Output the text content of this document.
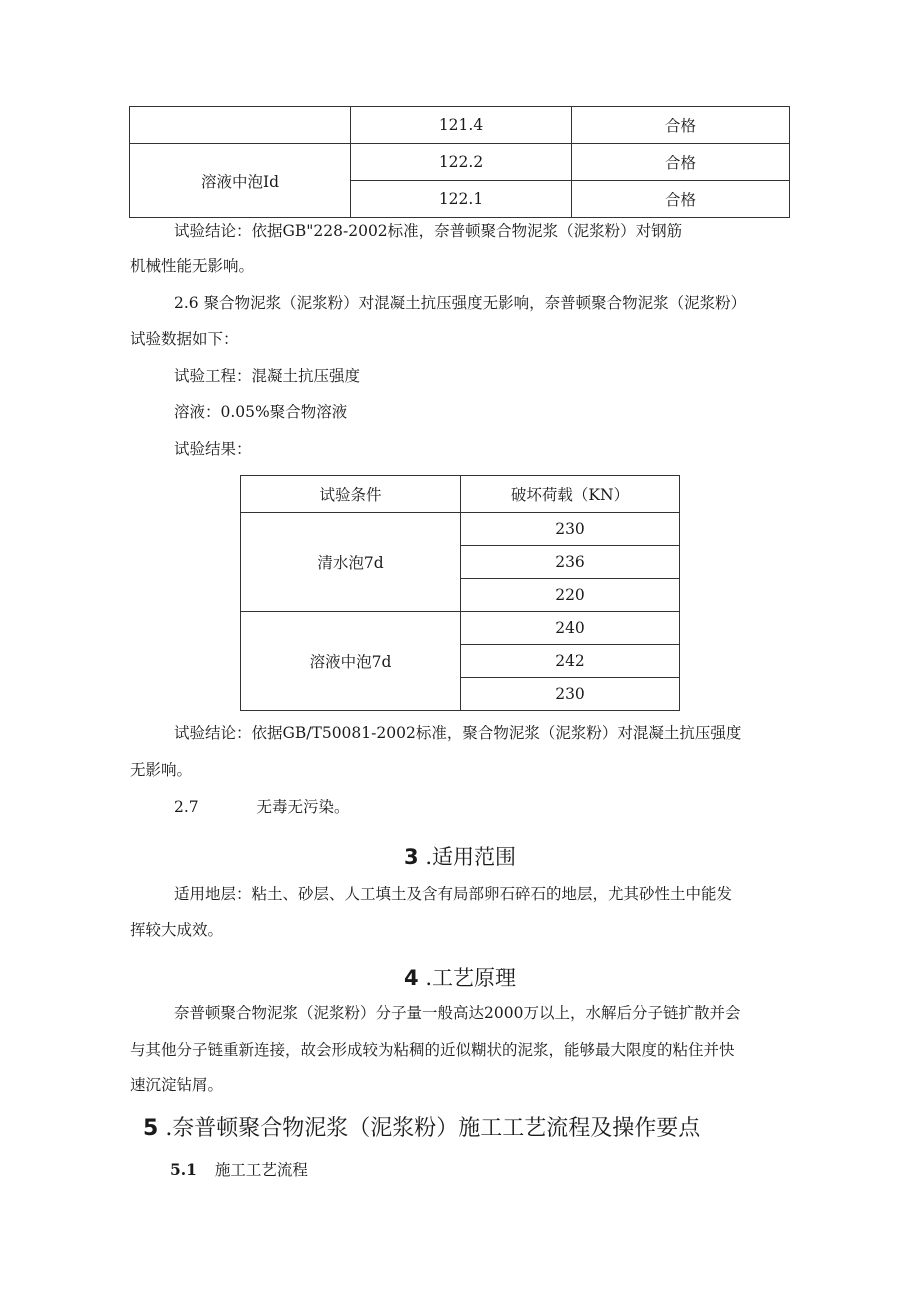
	121.4	合格
溶液中泡Id	122.2	合格
	122.1	合格
试验结论：依据GB"228-2002标准，奈普顿聚合物泥浆（泥浆粉）对钢筋
机械性能无影响。
2.6 聚合物泥浆（泥浆粉）对混凝土抗压强度无影响，奈普顿聚合物泥浆（泥浆粉）
试验数据如下：
试验工程：混凝土抗压强度
溶液：0.05%聚合物溶液
试验结果：
试验条件	破坏荷载（KN）
清水泡7d	230
	236
	220
溶液中泡7d	240
	242
	230
试验结论：依据GB/T50081-2002标准，聚合物泥浆（泥浆粉）对混凝土抗压强度
无影响。
2.7	无毒无污染。
3 .适用范围
适用地层：粘土、砂层、人工填土及含有局部卵石碎石的地层，尤其砂性土中能发
挥较大成效。
4 .工艺原理
奈普顿聚合物泥浆（泥浆粉）分子量一般高达2000万以上，水解后分子链扩散并会
与其他分子链重新连接，故会形成较为粘稠的近似糊状的泥浆，能够最大限度的粘住并快
速沉淀钻屑。
5 .奈普顿聚合物泥浆（泥浆粉）施工工艺流程及操作要点
5.1 施工工艺流程
